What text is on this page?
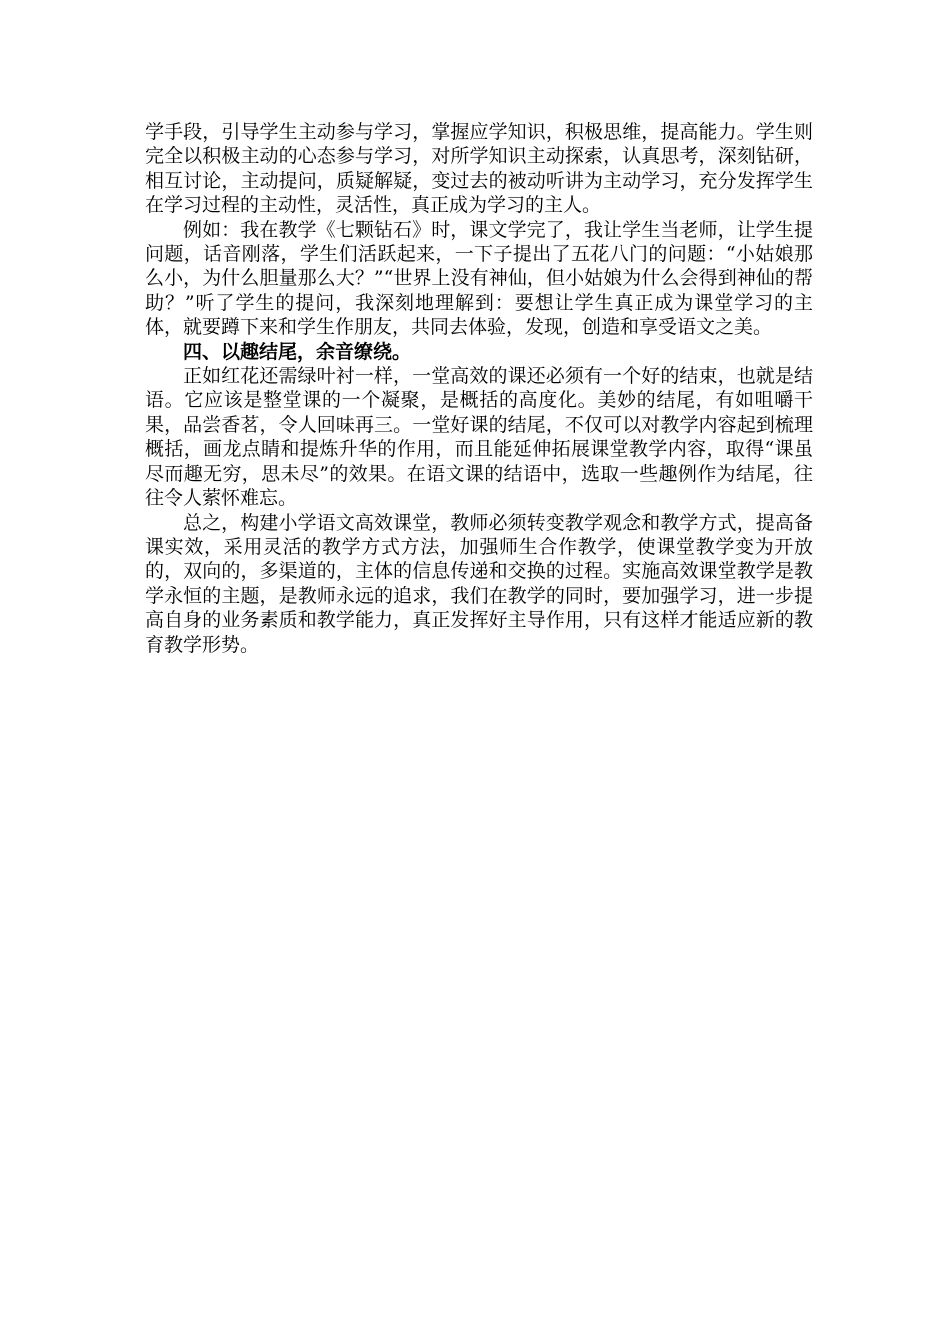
学手段，引导学生主动参与学习，掌握应学知识，积极思维，提高能力。学生则完全以积极主动的心态参与学习，对所学知识主动探索，认真思考，深刻钻研，相互讨论，主动提问，质疑解疑，变过去的被动听讲为主动学习，充分发挥学生在学习过程的主动性，灵活性，真正成为学习的主人。

例如：我在教学《七颗钻石》时，课文学完了，我让学生当老师，让学生提问题，话音刚落，学生们活跃起来，一下子提出了五花八门的问题：“小姑娘那么小，为什么胆量那么大？”“世界上没有神仙，但小姑娘为什么会得到神仙的帮助？”听了学生的提问，我深刻地理解到：要想让学生真正成为课堂学习的主体，就要蹲下来和学生作朋友，共同去体验，发现，创造和享受语文之美。

四、以趣结尾，余音缭绕。

正如红花还需绿叶衬一样，一堂高效的课还必须有一个好的结束，也就是结语。它应该是整堂课的一个凝聚，是概括的高度化。美妙的结尾，有如咀嚼干果，品尝香茗，令人回味再三。一堂好课的结尾，不仅可以对教学内容起到梳理概括，画龙点睛和提炼升华的作用，而且能延伸拓展课堂教学内容，取得“课虽尽而趣无穷，思未尽”的效果。在语文课的结语中，选取一些趣例作为结尾，往往令人萦怀难忘。

总之，构建小学语文高效课堂，教师必须转变教学观念和教学方式，提高备课实效，采用灵活的教学方式方法，加强师生合作教学，使课堂教学变为开放的，双向的，多渠道的，主体的信息传递和交换的过程。实施高效课堂教学是教学永恒的主题，是教师永远的追求，我们在教学的同时，要加强学习，进一步提高自身的业务素质和教学能力，真正发挥好主导作用，只有这样才能适应新的教育教学形势。
